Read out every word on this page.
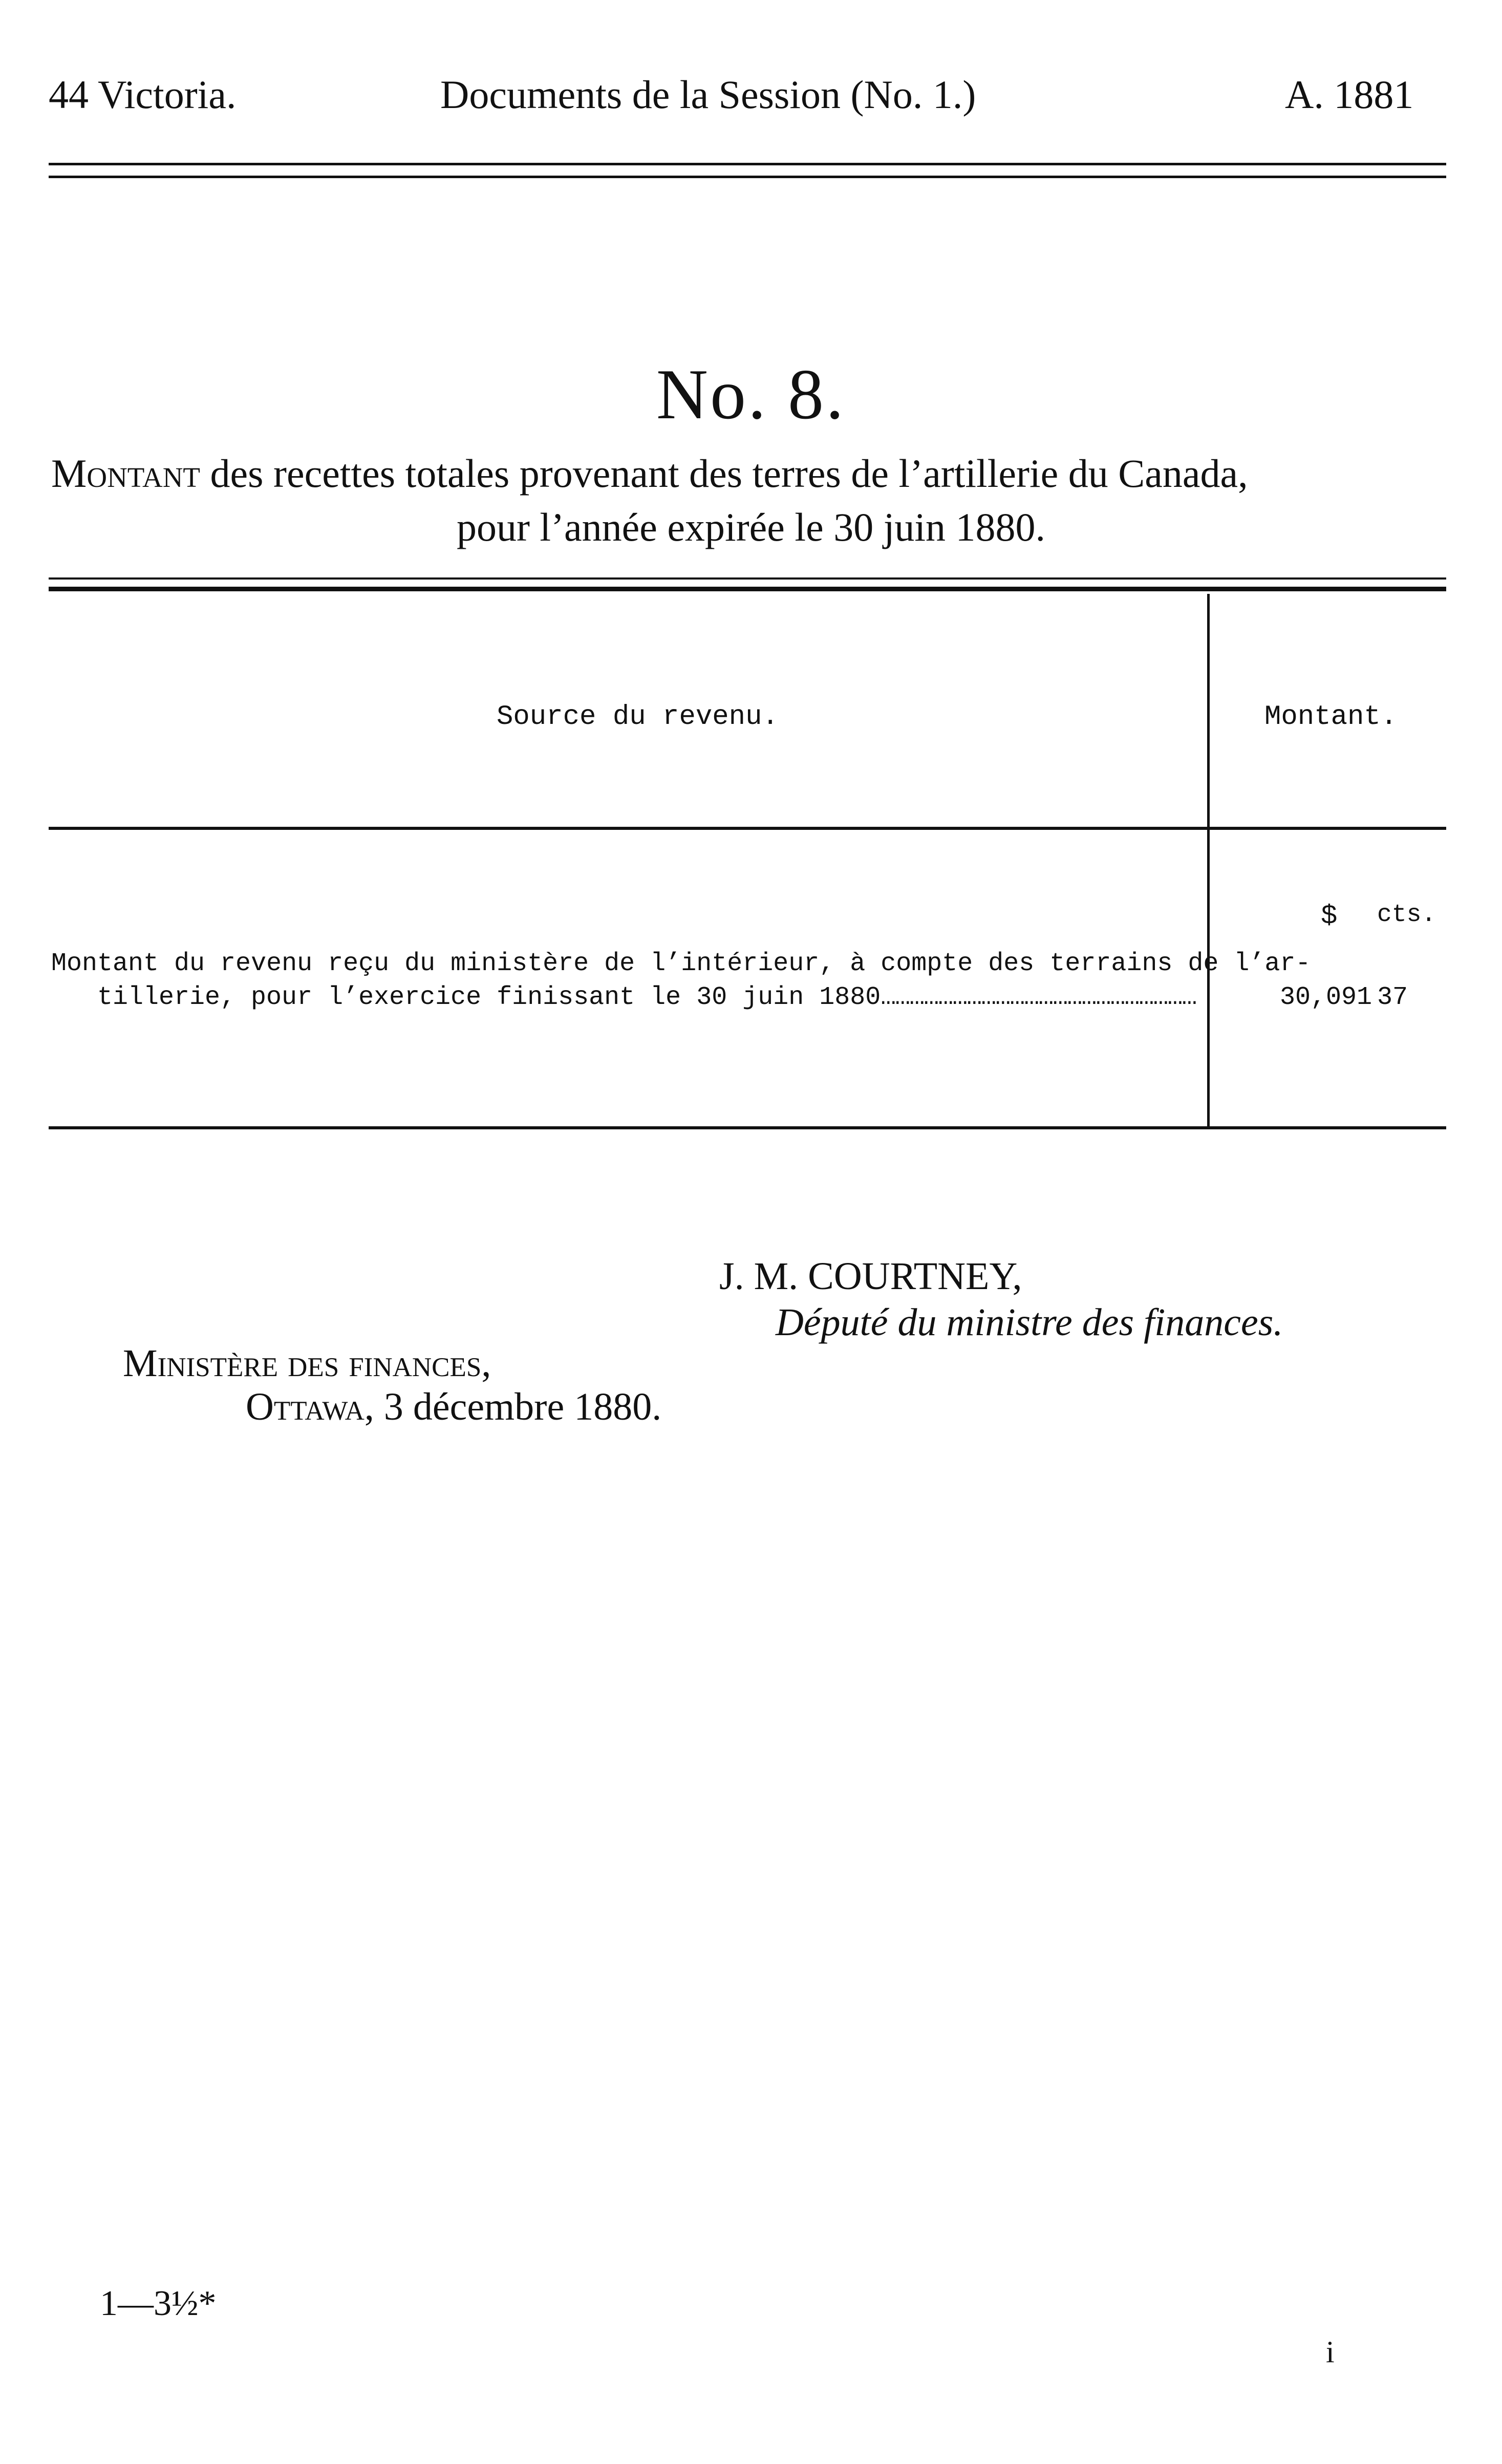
44 Victoria.	Documents de la Session (No. 1.)	A. 1881
No. 8.
Montant des recettes totales provenant des terres de l’artillerie du Canada,
pour l’année expirée le 30 juin 1880.
Source du revenu.	Montant.
$ cts.
Montant du revenu reçu du ministère de l’intérieur, à compte des terrains de l’ar-
tillerie, pour l’exercice finissant le 30 juin 1880…………………………………………………………	30,091 37
J. M. COURTNEY,
Député du ministre des finances.
Ministère des finances,
Ottawa, 3 décembre 1880.
1—3½*
i
